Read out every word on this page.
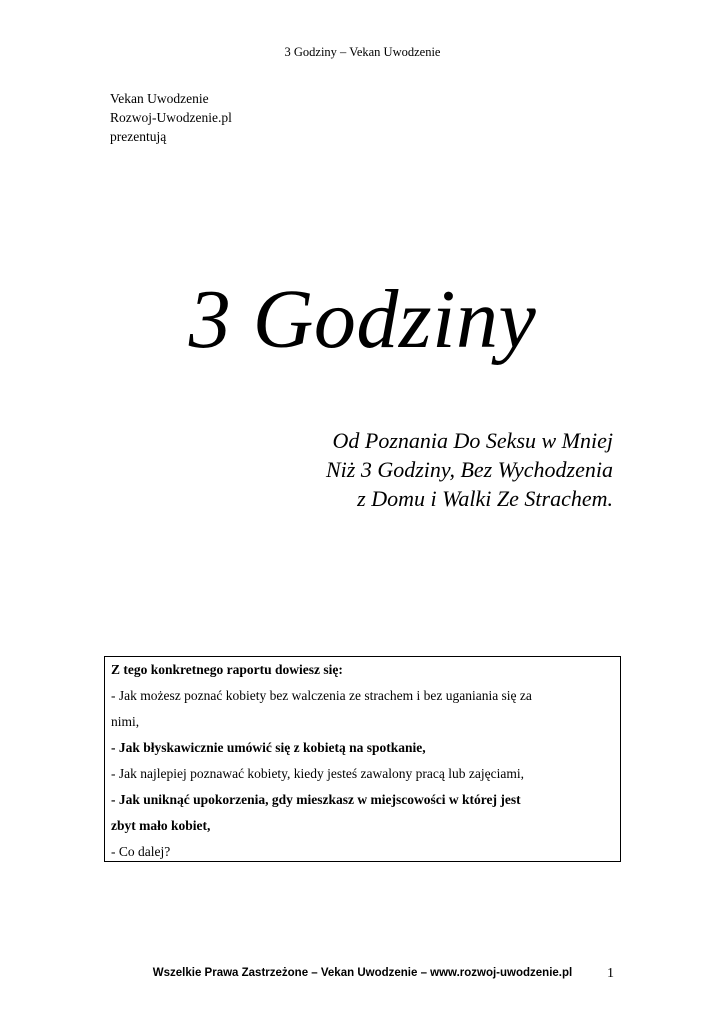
3 Godziny – Vekan Uwodzenie
Vekan Uwodzenie
Rozwoj-Uwodzenie.pl
prezentują
3 Godziny
Od Poznania Do Seksu w Mniej
Niż 3 Godziny, Bez Wychodzenia
z Domu i Walki Ze Strachem.
Z tego konkretnego raportu dowiesz się:
- Jak możesz poznać kobiety bez walczenia ze strachem i bez uganiania się za
nimi,
- Jak błyskawicznie umówić się z kobietą na spotkanie,
- Jak najlepiej poznawać kobiety, kiedy jesteś zawalony pracą lub zajęciami,
- Jak uniknąć upokorzenia, gdy mieszkasz w miejscowości w której jest
zbyt mało kobiet,
- Co dalej?
Wszelkie Prawa Zastrzeżone – Vekan Uwodzenie – www.rozwoj-uwodzenie.pl	1
